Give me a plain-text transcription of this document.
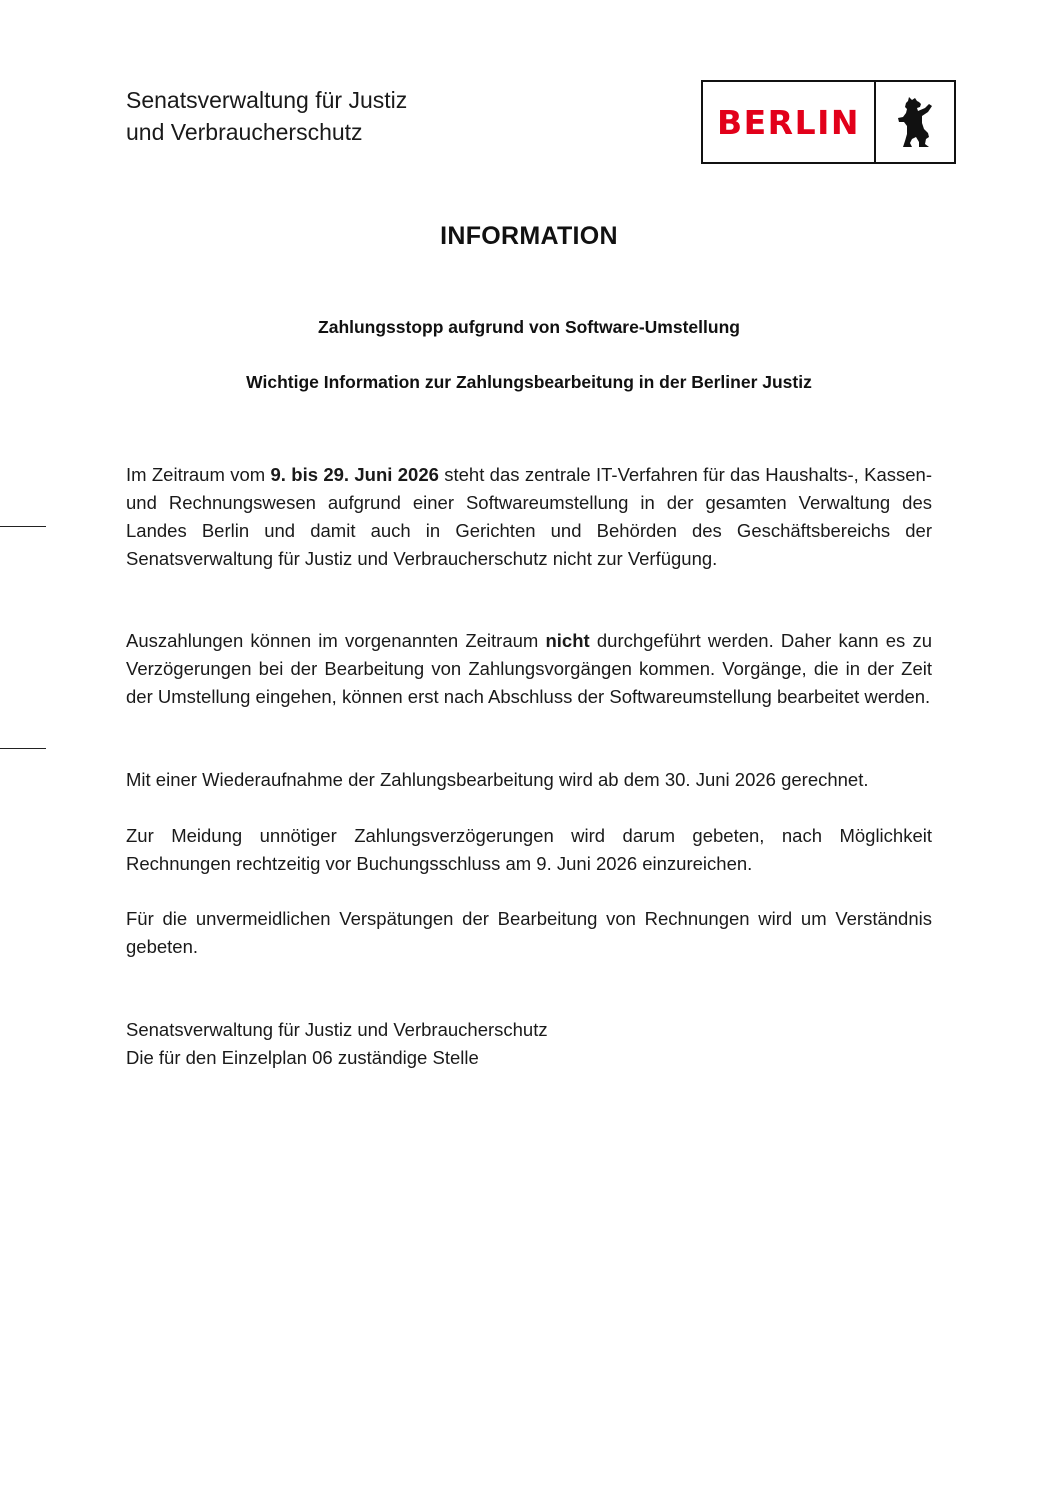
Senatsverwaltung für Justiz
und Verbraucherschutz	BERLIN
INFORMATION
Zahlungsstopp aufgrund von Software-Umstellung
Wichtige Information zur Zahlungsbearbeitung in der Berliner Justiz
Im Zeitraum vom 9. bis 29. Juni 2026 steht das zentrale IT-Verfahren für das Haushalts-, Kassen- und Rechnungswesen aufgrund einer Softwareumstellung in der gesamten Verwaltung des Landes Berlin und damit auch in Gerichten und Behörden des Geschäftsbereichs der Senatsverwaltung für Justiz und Verbraucherschutz nicht zur Verfügung.
Auszahlungen können im vorgenannten Zeitraum nicht durchgeführt werden. Daher kann es zu Verzögerungen bei der Bearbeitung von Zahlungsvorgängen kommen. Vorgänge, die in der Zeit der Umstellung eingehen, können erst nach Abschluss der Softwareumstellung bearbeitet werden.
Mit einer Wiederaufnahme der Zahlungsbearbeitung wird ab dem 30. Juni 2026 gerechnet.
Zur Meidung unnötiger Zahlungsverzögerungen wird darum gebeten, nach Möglichkeit Rechnungen rechtzeitig vor Buchungsschluss am 9. Juni 2026 einzureichen.
Für die unvermeidlichen Verspätungen der Bearbeitung von Rechnungen wird um Verständnis gebeten.
Senatsverwaltung für Justiz und Verbraucherschutz
Die für den Einzelplan 06 zuständige Stelle
